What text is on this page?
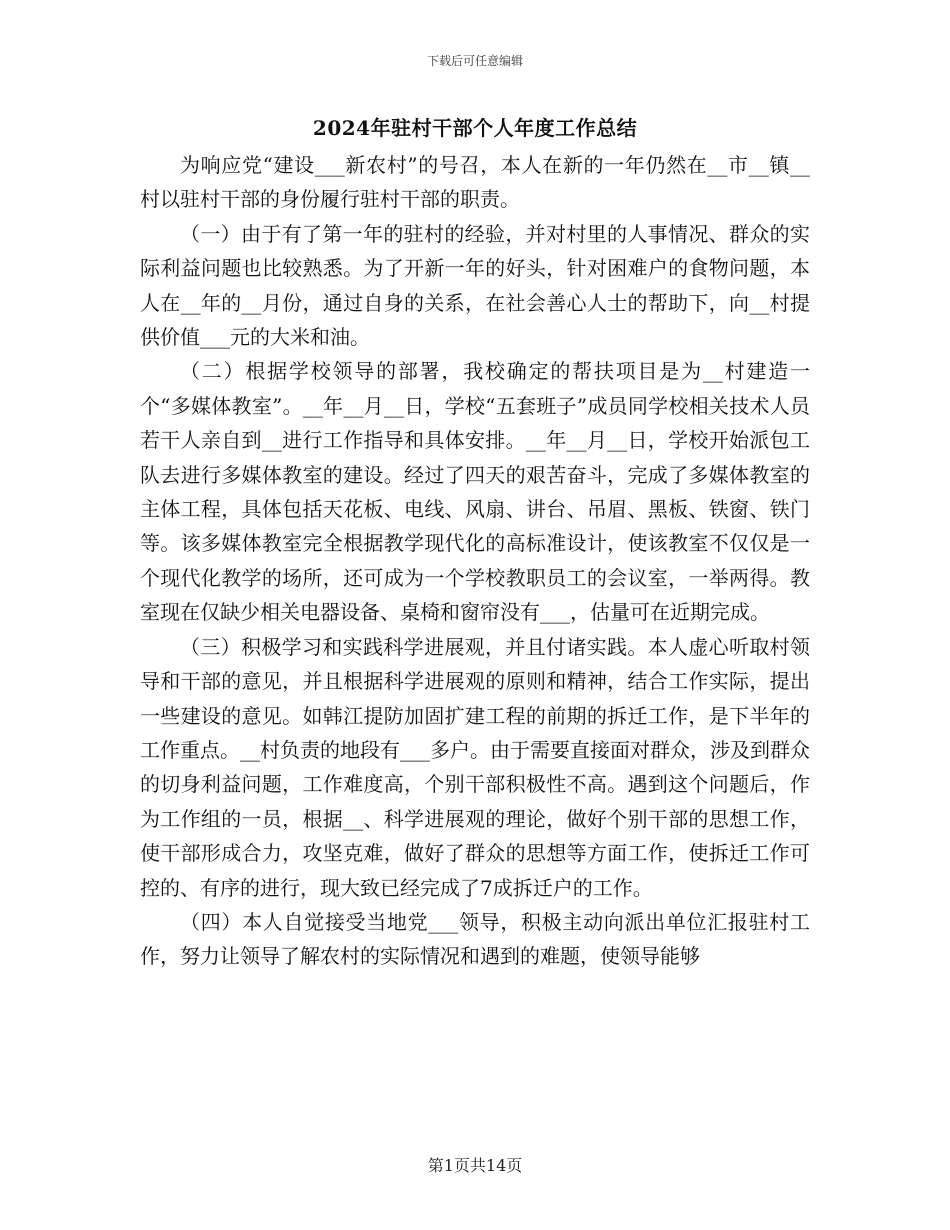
下载后可任意编辑
2024年驻村干部个人年度工作总结

为响应党“建设___新农村”的号召，本人在新的一年仍然在__市__镇__村以驻村干部的身份履行驻村干部的职责。

（一）由于有了第一年的驻村的经验，并对村里的人事情况、群众的实际利益问题也比较熟悉。为了开新一年的好头，针对困难户的食物问题，本人在__年的__月份，通过自身的关系，在社会善心人士的帮助下，向__村提供价值___元的大米和油。

（二）根据学校领导的部署，我校确定的帮扶项目是为__村建造一个“多媒体教室”。__年__月__日，学校“五套班子”成员同学校相关技术人员若干人亲自到__进行工作指导和具体安排。__年__月__日，学校开始派包工队去进行多媒体教室的建设。经过了四天的艰苦奋斗，完成了多媒体教室的主体工程，具体包括天花板、电线、风扇、讲台、吊眉、黑板、铁窗、铁门等。该多媒体教室完全根据教学现代化的高标准设计，使该教室不仅仅是一个现代化教学的场所，还可成为一个学校教职员工的会议室，一举两得。教室现在仅缺少相关电器设备、桌椅和窗帘没有___，估量可在近期完成。

（三）积极学习和实践科学进展观，并且付诸实践。本人虚心听取村领导和干部的意见，并且根据科学进展观的原则和精神，结合工作实际，提出一些建设的意见。如韩江提防加固扩建工程的前期的拆迁工作，是下半年的工作重点。__村负责的地段有___多户。由于需要直接面对群众，涉及到群众的切身利益问题，工作难度高，个别干部积极性不高。遇到这个问题后，作为工作组的一员，根据__、科学进展观的理论，做好个别干部的思想工作，使干部形成合力，攻坚克难，做好了群众的思想等方面工作，使拆迁工作可控的、有序的进行，现大致已经完成了7成拆迁户的工作。

（四）本人自觉接受当地党___领导，积极主动向派出单位汇报驻村工作，努力让领导了解农村的实际情况和遇到的难题，使领导能够

第1页共14页
